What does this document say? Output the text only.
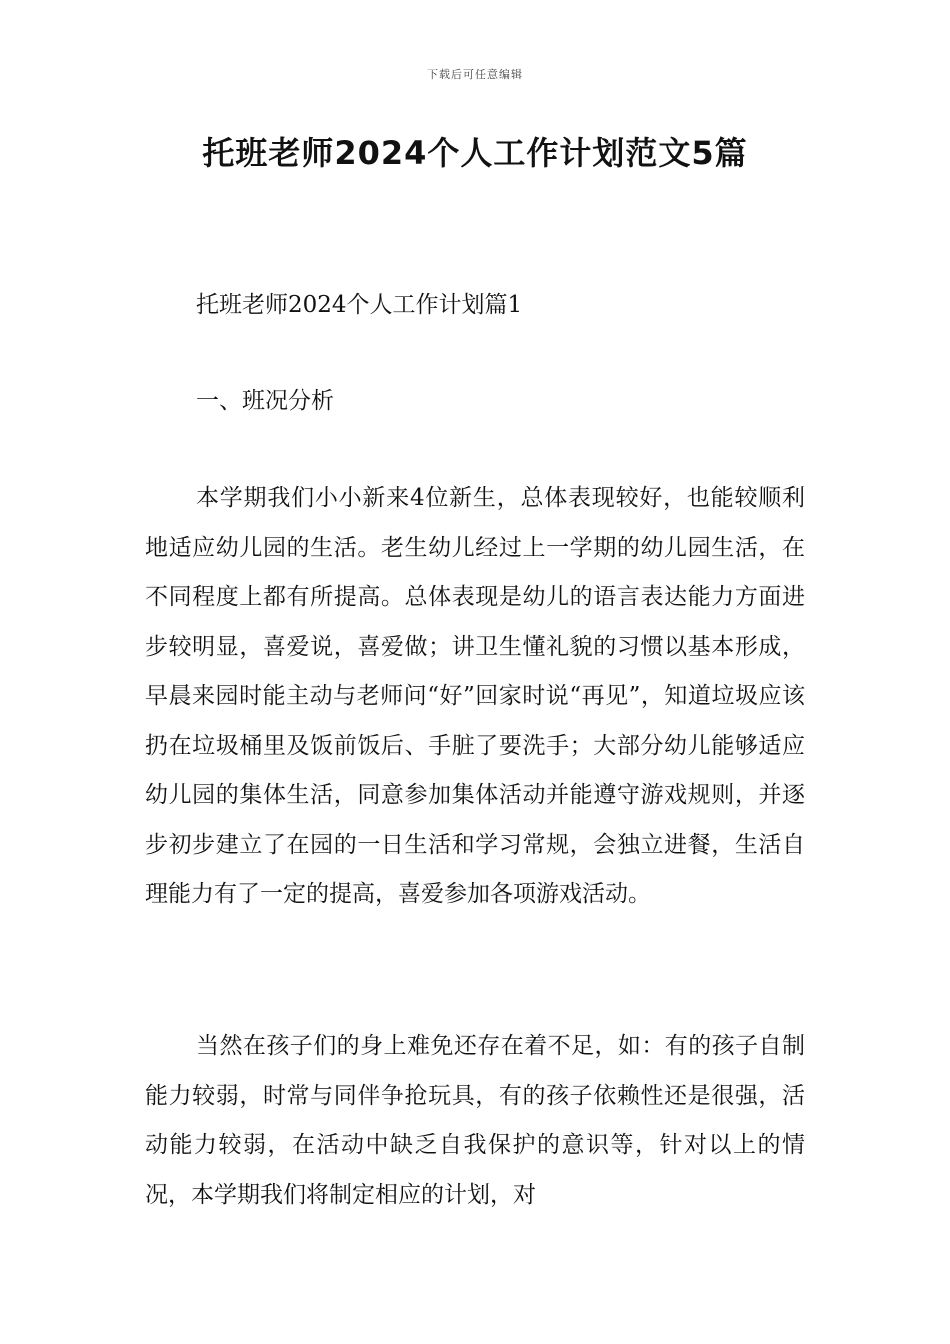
下载后可任意编辑
托班老师2024个人工作计划范文5篇
托班老师2024个人工作计划篇1
一、班况分析

本学期我们小小新来4位新生，总体表现较好，也能较顺利地适应幼儿园的生活。老生幼儿经过上一学期的幼儿园生活，在不同程度上都有所提高。总体表现是幼儿的语言表达能力方面进步较明显，喜爱说，喜爱做；讲卫生懂礼貌的习惯以基本形成，早晨来园时能主动与老师问“好”回家时说“再见”，知道垃圾应该扔在垃圾桶里及饭前饭后、手脏了要洗手；大部分幼儿能够适应幼儿园的集体生活，同意参加集体活动并能遵守游戏规则，并逐步初步建立了在园的一日生活和学习常规，会独立进餐，生活自理能力有了一定的提高，喜爱参加各项游戏活动。

当然在孩子们的身上难免还存在着不足，如：有的孩子自制能力较弱，时常与同伴争抢玩具，有的孩子依赖性还是很强，活动能力较弱，在活动中缺乏自我保护的意识等，针对以上的情况，本学期我们将制定相应的计划，对
